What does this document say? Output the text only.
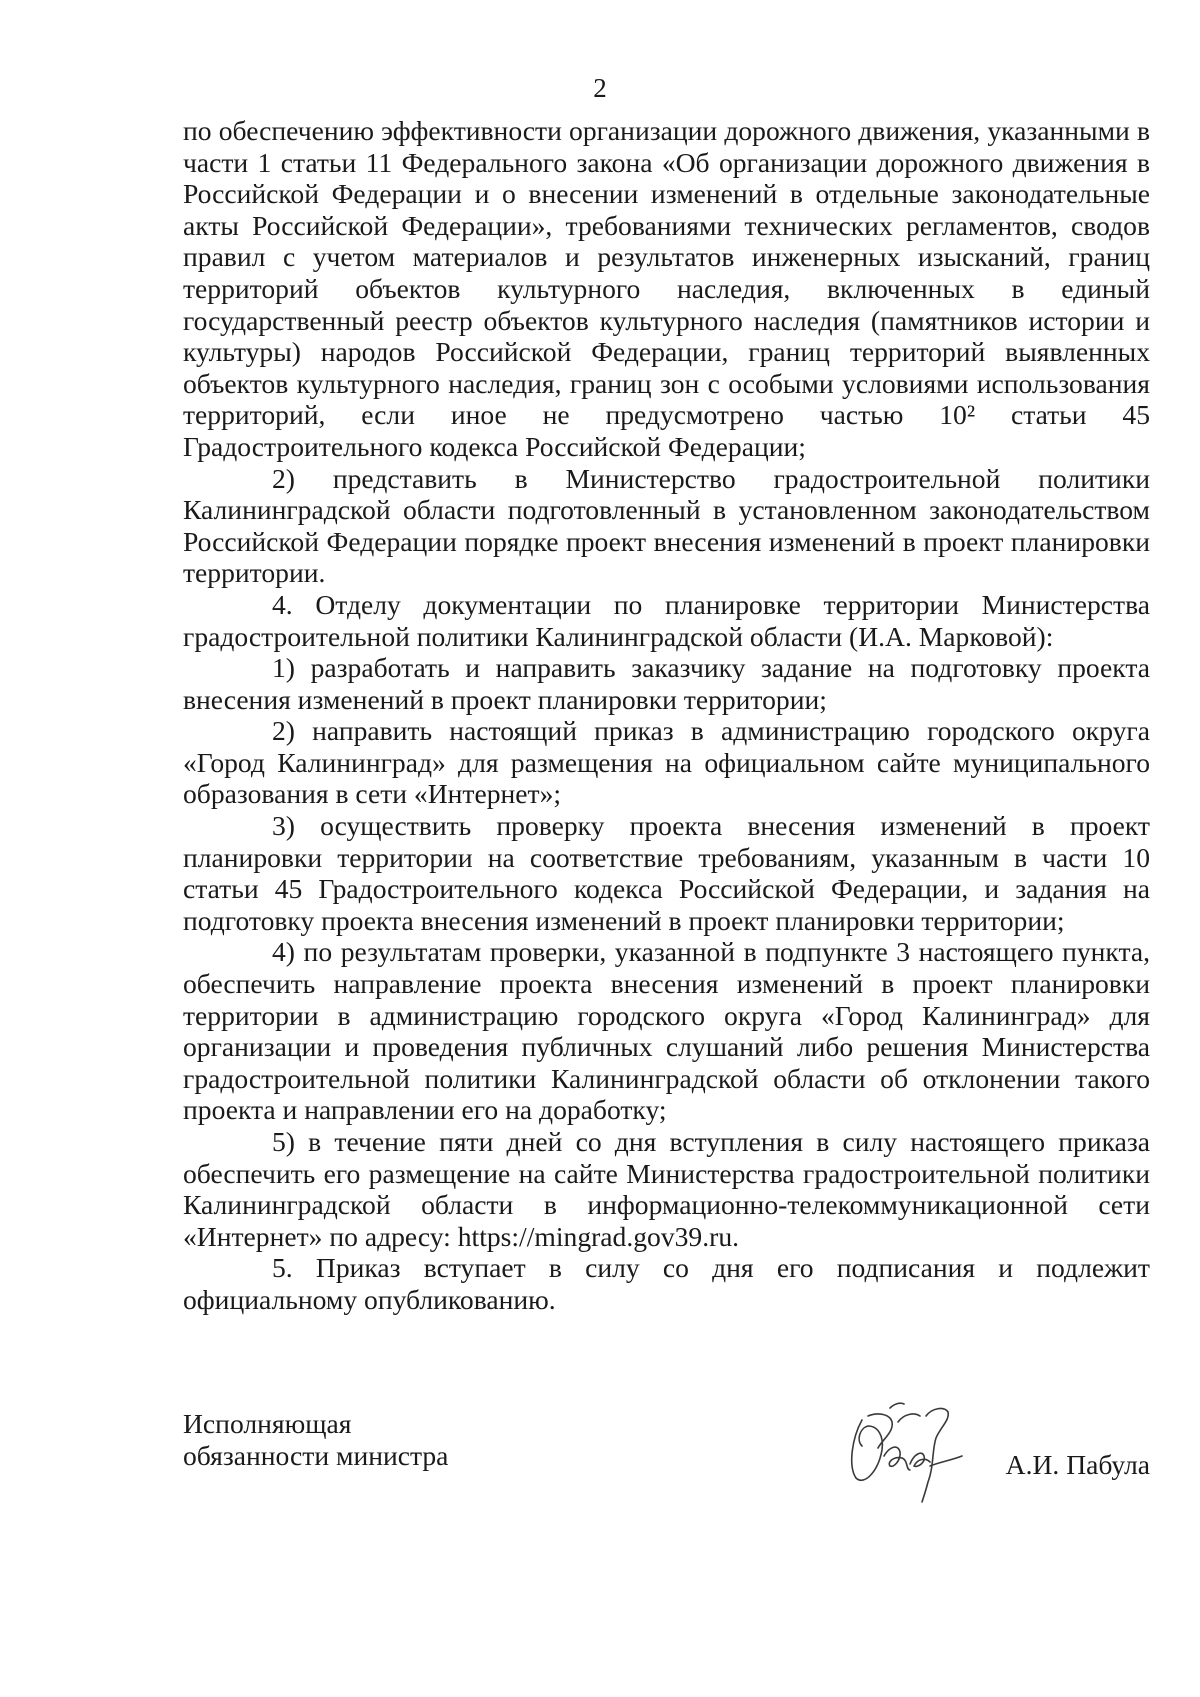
2

по обеспечению эффективности организации дорожного движения, указанными в части 1 статьи 11 Федерального закона «Об организации дорожного движения в Российской Федерации и о внесении изменений в отдельные законодательные акты Российской Федерации», требованиями технических регламентов, сводов правил с учетом материалов и результатов инженерных изысканий, границ территорий объектов культурного наследия, включенных в единый государственный реестр объектов культурного наследия (памятников истории и культуры) народов Российской Федерации, границ территорий выявленных объектов культурного наследия, границ зон с особыми условиями использования территорий, если иное не предусмотрено частью 10² статьи 45 Градостроительного кодекса Российской Федерации;

2) представить в Министерство градостроительной политики Калининградской области подготовленный в установленном законодательством Российской Федерации порядке проект внесения изменений в проект планировки территории.

4. Отделу документации по планировке территории Министерства градостроительной политики Калининградской области (И.А. Марковой):

1) разработать и направить заказчику задание на подготовку проекта внесения изменений в проект планировки территории;

2) направить настоящий приказ в администрацию городского округа «Город Калининград» для размещения на официальном сайте муниципального образования в сети «Интернет»;

3) осуществить проверку проекта внесения изменений в проект планировки территории на соответствие требованиям, указанным в части 10 статьи 45 Градостроительного кодекса Российской Федерации, и задания на подготовку проекта внесения изменений в проект планировки территории;

4) по результатам проверки, указанной в подпункте 3 настоящего пункта, обеспечить направление проекта внесения изменений в проект планировки территории в администрацию городского округа «Город Калининград» для организации и проведения публичных слушаний либо решения Министерства градостроительной политики Калининградской области об отклонении такого проекта и направлении его на доработку;

5) в течение пяти дней со дня вступления в силу настоящего приказа обеспечить его размещение на сайте Министерства градостроительной политики Калининградской области в информационно-телекоммуникационной сети «Интернет» по адресу: https://mingrad.gov39.ru.

5. Приказ вступает в силу со дня его подписания и подлежит официальному опубликованию.

Исполняющая
обязанности министра	А.И. Пабула
